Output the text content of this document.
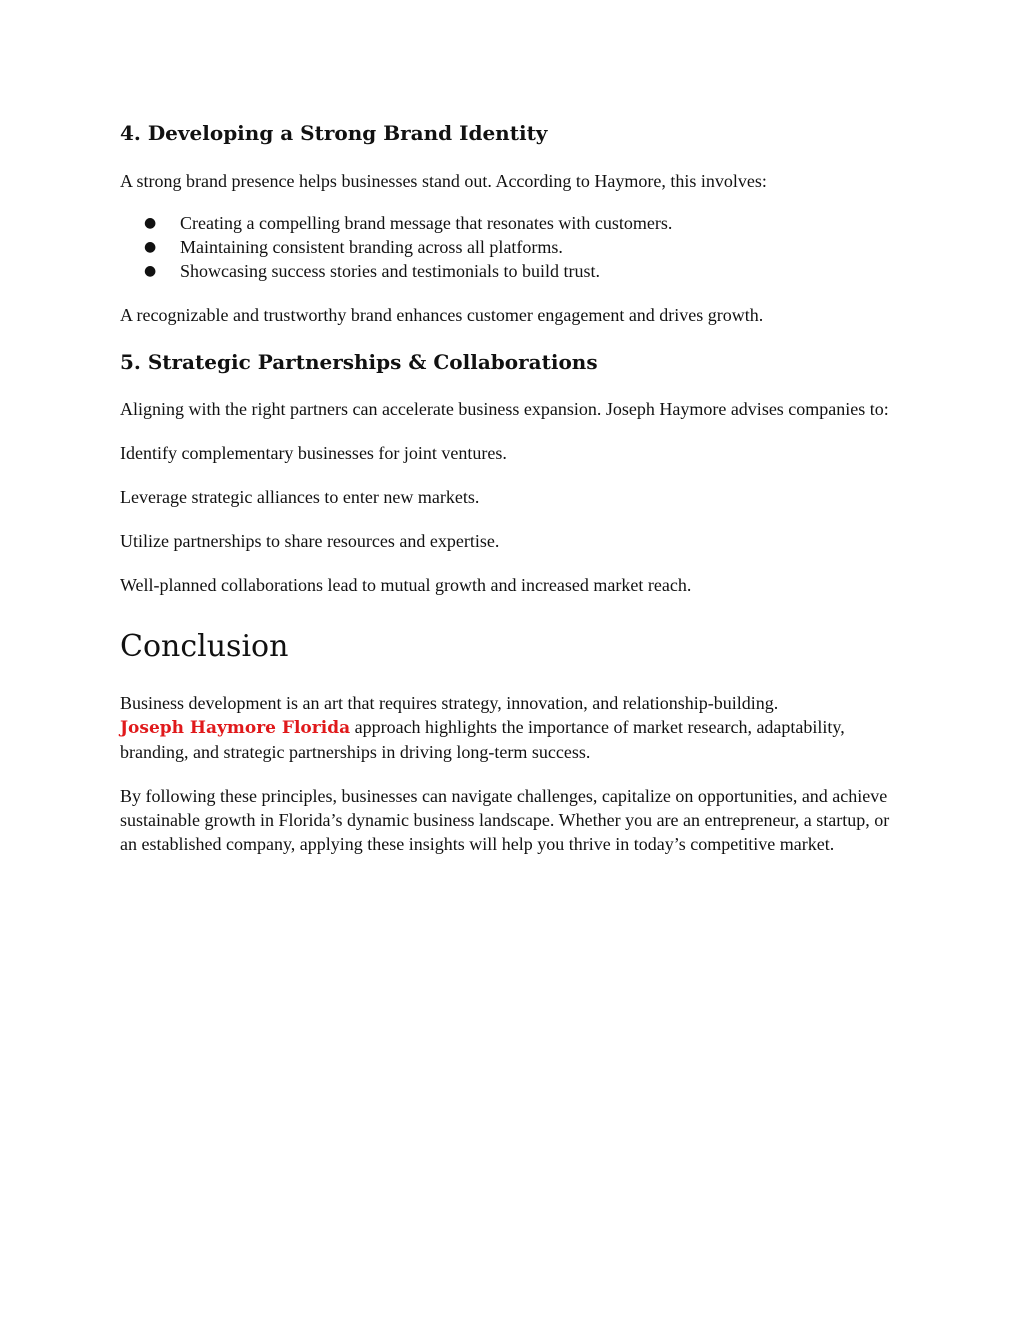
4. Developing a Strong Brand Identity

A strong brand presence helps businesses stand out. According to Haymore, this involves:

● Creating a compelling brand message that resonates with customers.
● Maintaining consistent branding across all platforms.
● Showcasing success stories and testimonials to build trust.

A recognizable and trustworthy brand enhances customer engagement and drives growth.

5. Strategic Partnerships & Collaborations

Aligning with the right partners can accelerate business expansion. Joseph Haymore advises companies to:

Identify complementary businesses for joint ventures.

Leverage strategic alliances to enter new markets.

Utilize partnerships to share resources and expertise.

Well-planned collaborations lead to mutual growth and increased market reach.

Conclusion

Business development is an art that requires strategy, innovation, and relationship-building.
Joseph Haymore Florida approach highlights the importance of market research, adaptability, branding, and strategic partnerships in driving long-term success.

By following these principles, businesses can navigate challenges, capitalize on opportunities, and achieve sustainable growth in Florida’s dynamic business landscape. Whether you are an entrepreneur, a startup, or an established company, applying these insights will help you thrive in today’s competitive market.
